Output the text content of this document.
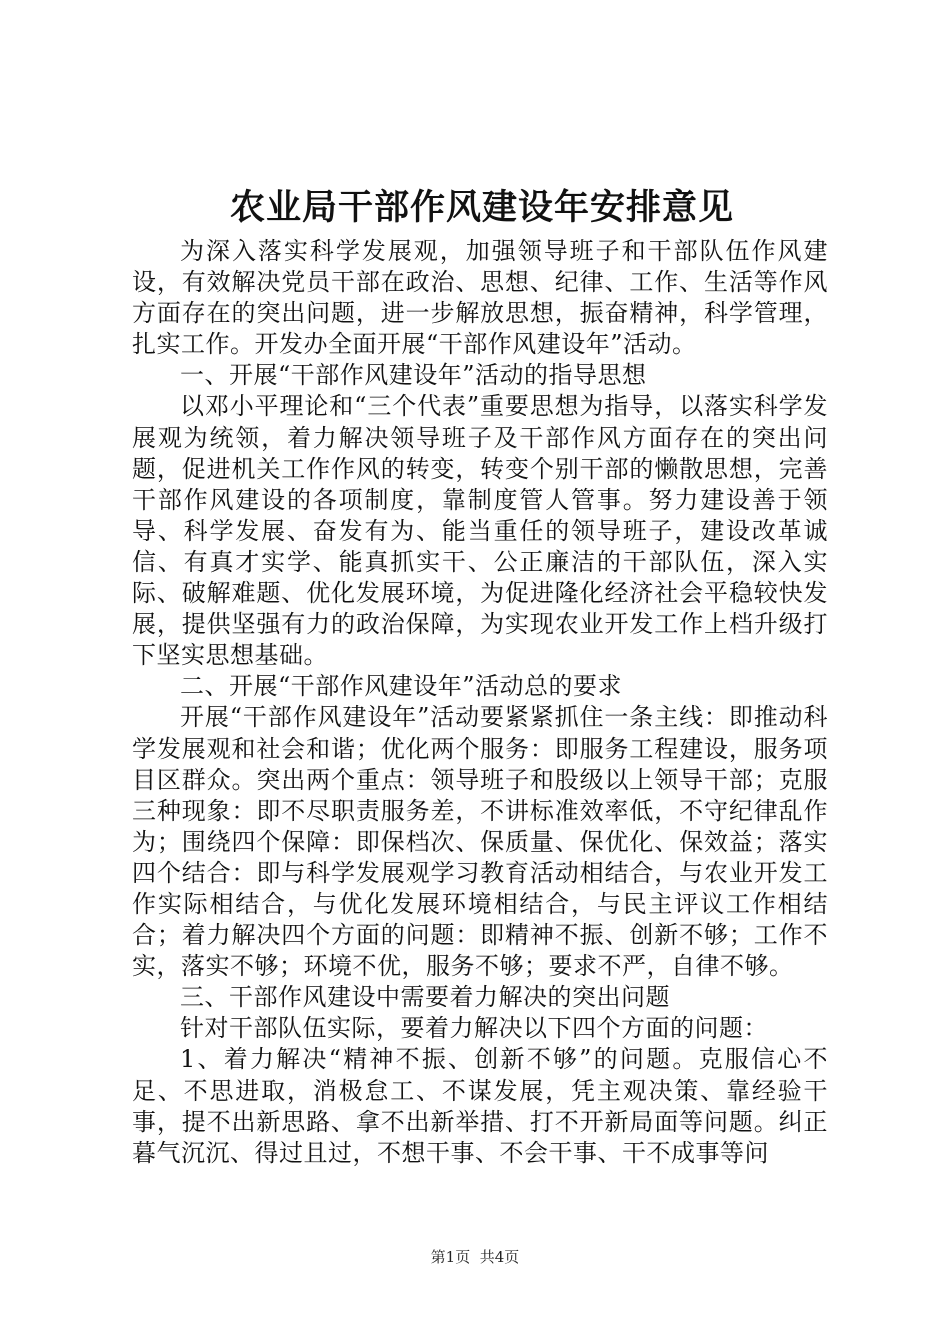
农业局干部作风建设年安排意见

为深入落实科学发展观，加强领导班子和干部队伍作风建设，有效解决党员干部在政治、思想、纪律、工作、生活等作风方面存在的突出问题，进一步解放思想，振奋精神，科学管理，扎实工作。开发办全面开展“干部作风建设年”活动。

一、开展“干部作风建设年”活动的指导思想

以邓小平理论和“三个代表”重要思想为指导，以落实科学发展观为统领，着力解决领导班子及干部作风方面存在的突出问题，促进机关工作作风的转变，转变个别干部的懒散思想，完善干部作风建设的各项制度，靠制度管人管事。努力建设善于领导、科学发展、奋发有为、能当重任的领导班子，建设改革诚信、有真才实学、能真抓实干、公正廉洁的干部队伍，深入实际、破解难题、优化发展环境，为促进隆化经济社会平稳较快发展，提供坚强有力的政治保障，为实现农业开发工作上档升级打下坚实思想基础。

二、开展“干部作风建设年”活动总的要求

开展“干部作风建设年”活动要紧紧抓住一条主线：即推动科学发展观和社会和谐；优化两个服务：即服务工程建设，服务项目区群众。突出两个重点：领导班子和股级以上领导干部；克服三种现象：即不尽职责服务差，不讲标准效率低，不守纪律乱作为；围绕四个保障：即保档次、保质量、保优化、保效益；落实四个结合：即与科学发展观学习教育活动相结合，与农业开发工作实际相结合，与优化发展环境相结合，与民主评议工作相结合；着力解决四个方面的问题：即精神不振、创新不够；工作不实，落实不够；环境不优，服务不够；要求不严，自律不够。

三、干部作风建设中需要着力解决的突出问题

针对干部队伍实际，要着力解决以下四个方面的问题：

1、着力解决“精神不振、创新不够”的问题。克服信心不足、不思进取，消极怠工、不谋发展，凭主观决策、靠经验干事，提不出新思路、拿不出新举措、打不开新局面等问题。纠正暮气沉沉、得过且过，不想干事、不会干事、干不成事等问

第1页 共4页
